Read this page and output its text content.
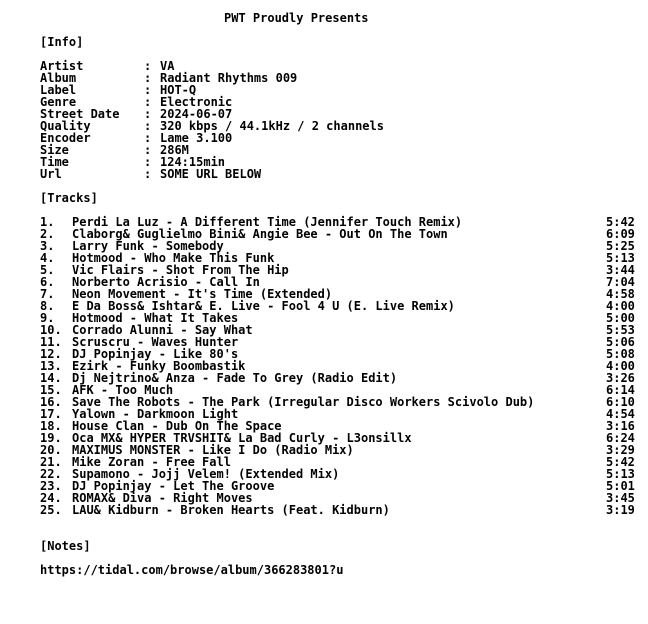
PWT Proudly Presents
[Info]
Artist	: VA
Album	: Radiant Rhythms 009
Label	: HOT-Q
Genre	: Electronic
Street Date : 2024-06-07
Quality	: 320 kbps / 44.1kHz / 2 channels
Encoder	: Lame 3.100
Size	: 286M
Time	: 124:15min
Url	: SOME URL BELOW
[Tracks]
1. Perdi La Luz - A Different Time (Jennifer Touch Remix)	5:42
2. Claborg& Guglielmo Bini& Angie Bee - Out On The Town	6:09
3. Larry Funk - Somebody	5:25
4. Hotmood - Who Make This Funk	5:13
5. Vic Flairs - Shot From The Hip	3:44
6. Norberto Acrisio - Call In	7:04
7. Neon Movement - It's Time (Extended)	4:58
8. E Da Boss& Ishtar& E. Live - Fool 4 U (E. Live Remix)	4:00
9. Hotmood - What It Takes	5:00
10. Corrado Alunni - Say What	5:53
11. Scruscru - Waves Hunter	5:06
12. DJ Popinjay - Like 80's	5:08
13. Ezirk - Funky Boombastik	4:00
14. Dj Nejtrino& Anza - Fade To Grey (Radio Edit)	3:26
15. AFK - Too Much	6:14
16. Save The Robots - The Park (Irregular Disco Workers Scivolo Dub)	6:10
17. Yalown - Darkmoon Light	4:54
18. House Clan - Dub On The Space	3:16
19. Oca MX& HYPER TRVSHIT& La Bad Curly - L3onsillx	6:24
20. MAXIMUS MONSTER - Like I Do (Radio Mix)	3:29
21. Mike Zoran - Free Fall	5:42
22. Supamono - Jojj Velem! (Extended Mix)	5:13
23. DJ Popinjay - Let The Groove	5:01
24. ROMAX& Diva - Right Moves	3:45
25. LAU& Kidburn - Broken Hearts (Feat. Kidburn)	3:19
[Notes]
https://tidal.com/browse/album/366283801?u
